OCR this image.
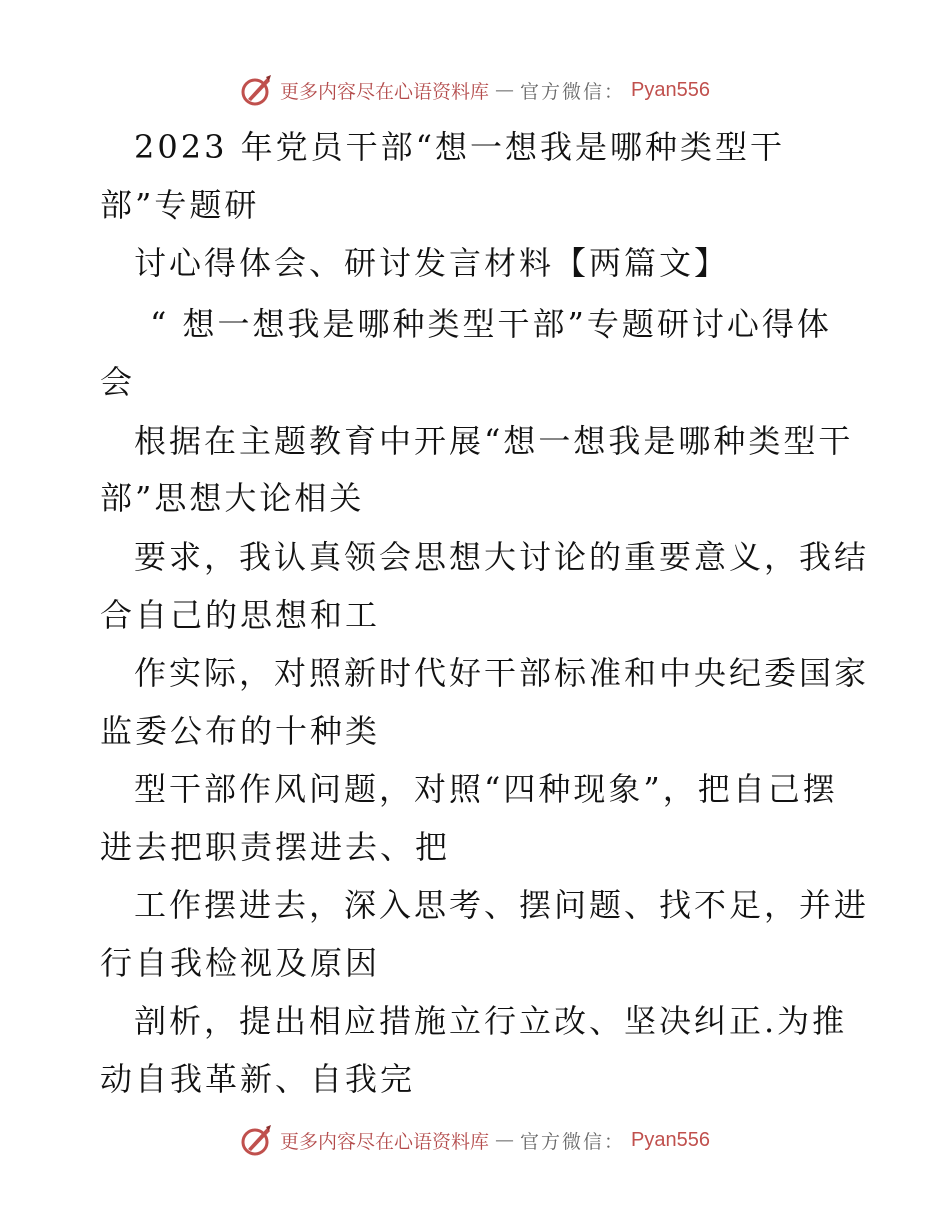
更多内容尽在心语资料库 — 官方微信： Pyan556
2023 年党员干部“想一想我是哪种类型干
部”专题研
讨心得体会、研讨发言材料【两篇文】
“ 想一想我是哪种类型干部”专题研讨心得体
会
根据在主题教育中开展“想一想我是哪种类型干
部”思想大论相关
要求，我认真领会思想大讨论的重要意义，我结
合自己的思想和工
作实际，对照新时代好干部标准和中央纪委国家
监委公布的十种类
型干部作风问题，对照“四种现象”，把自己摆
进去把职责摆进去、把
工作摆进去，深入思考、摆问题、找不足，并进
行自我检视及原因
剖析，提出相应措施立行立改、坚决纠正.为推
动自我革新、自我完
更多内容尽在心语资料库 — 官方微信： Pyan556
